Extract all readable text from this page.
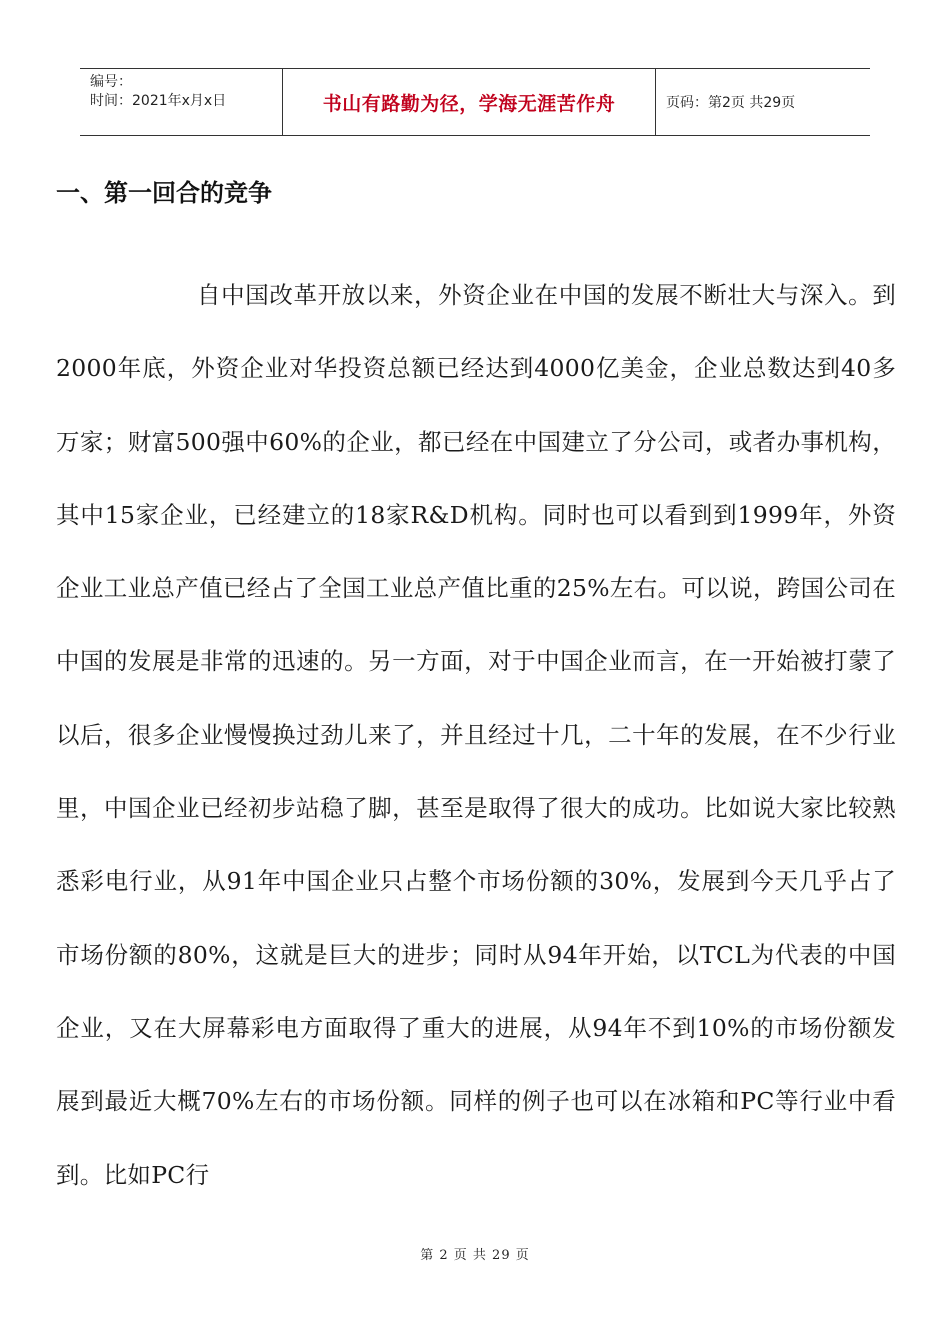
编号：
时间：2021年x月x日	书山有路勤为径，学海无涯苦作舟	页码：第2页 共29页
一、第一回合的竞争

自中国改革开放以来，外资企业在中国的发展不断壮大与深入。到2000年底，外资企业对华投资总额已经达到4000亿美金，企业总数达到40多万家；财富500强中60%的企业，都已经在中国建立了分公司，或者办事机构，其中15家企业，已经建立的18家R&D机构。同时也可以看到到1999年，外资企业工业总产值已经占了全国工业总产值比重的25%左右。可以说，跨国公司在中国的发展是非常的迅速的。另一方面，对于中国企业而言，在一开始被打蒙了以后，很多企业慢慢换过劲儿来了，并且经过十几，二十年的发展，在不少行业里，中国企业已经初步站稳了脚，甚至是取得了很大的成功。比如说大家比较熟悉彩电行业，从91年中国企业只占整个市场份额的30%，发展到今天几乎占了市场份额的80%，这就是巨大的进步；同时从94年开始，以TCL为代表的中国企业，又在大屏幕彩电方面取得了重大的进展，从94年不到10%的市场份额发展到最近大概70%左右的市场份额。同样的例子也可以在冰箱和PC等行业中看到。比如PC行

第 2 页 共 29 页
